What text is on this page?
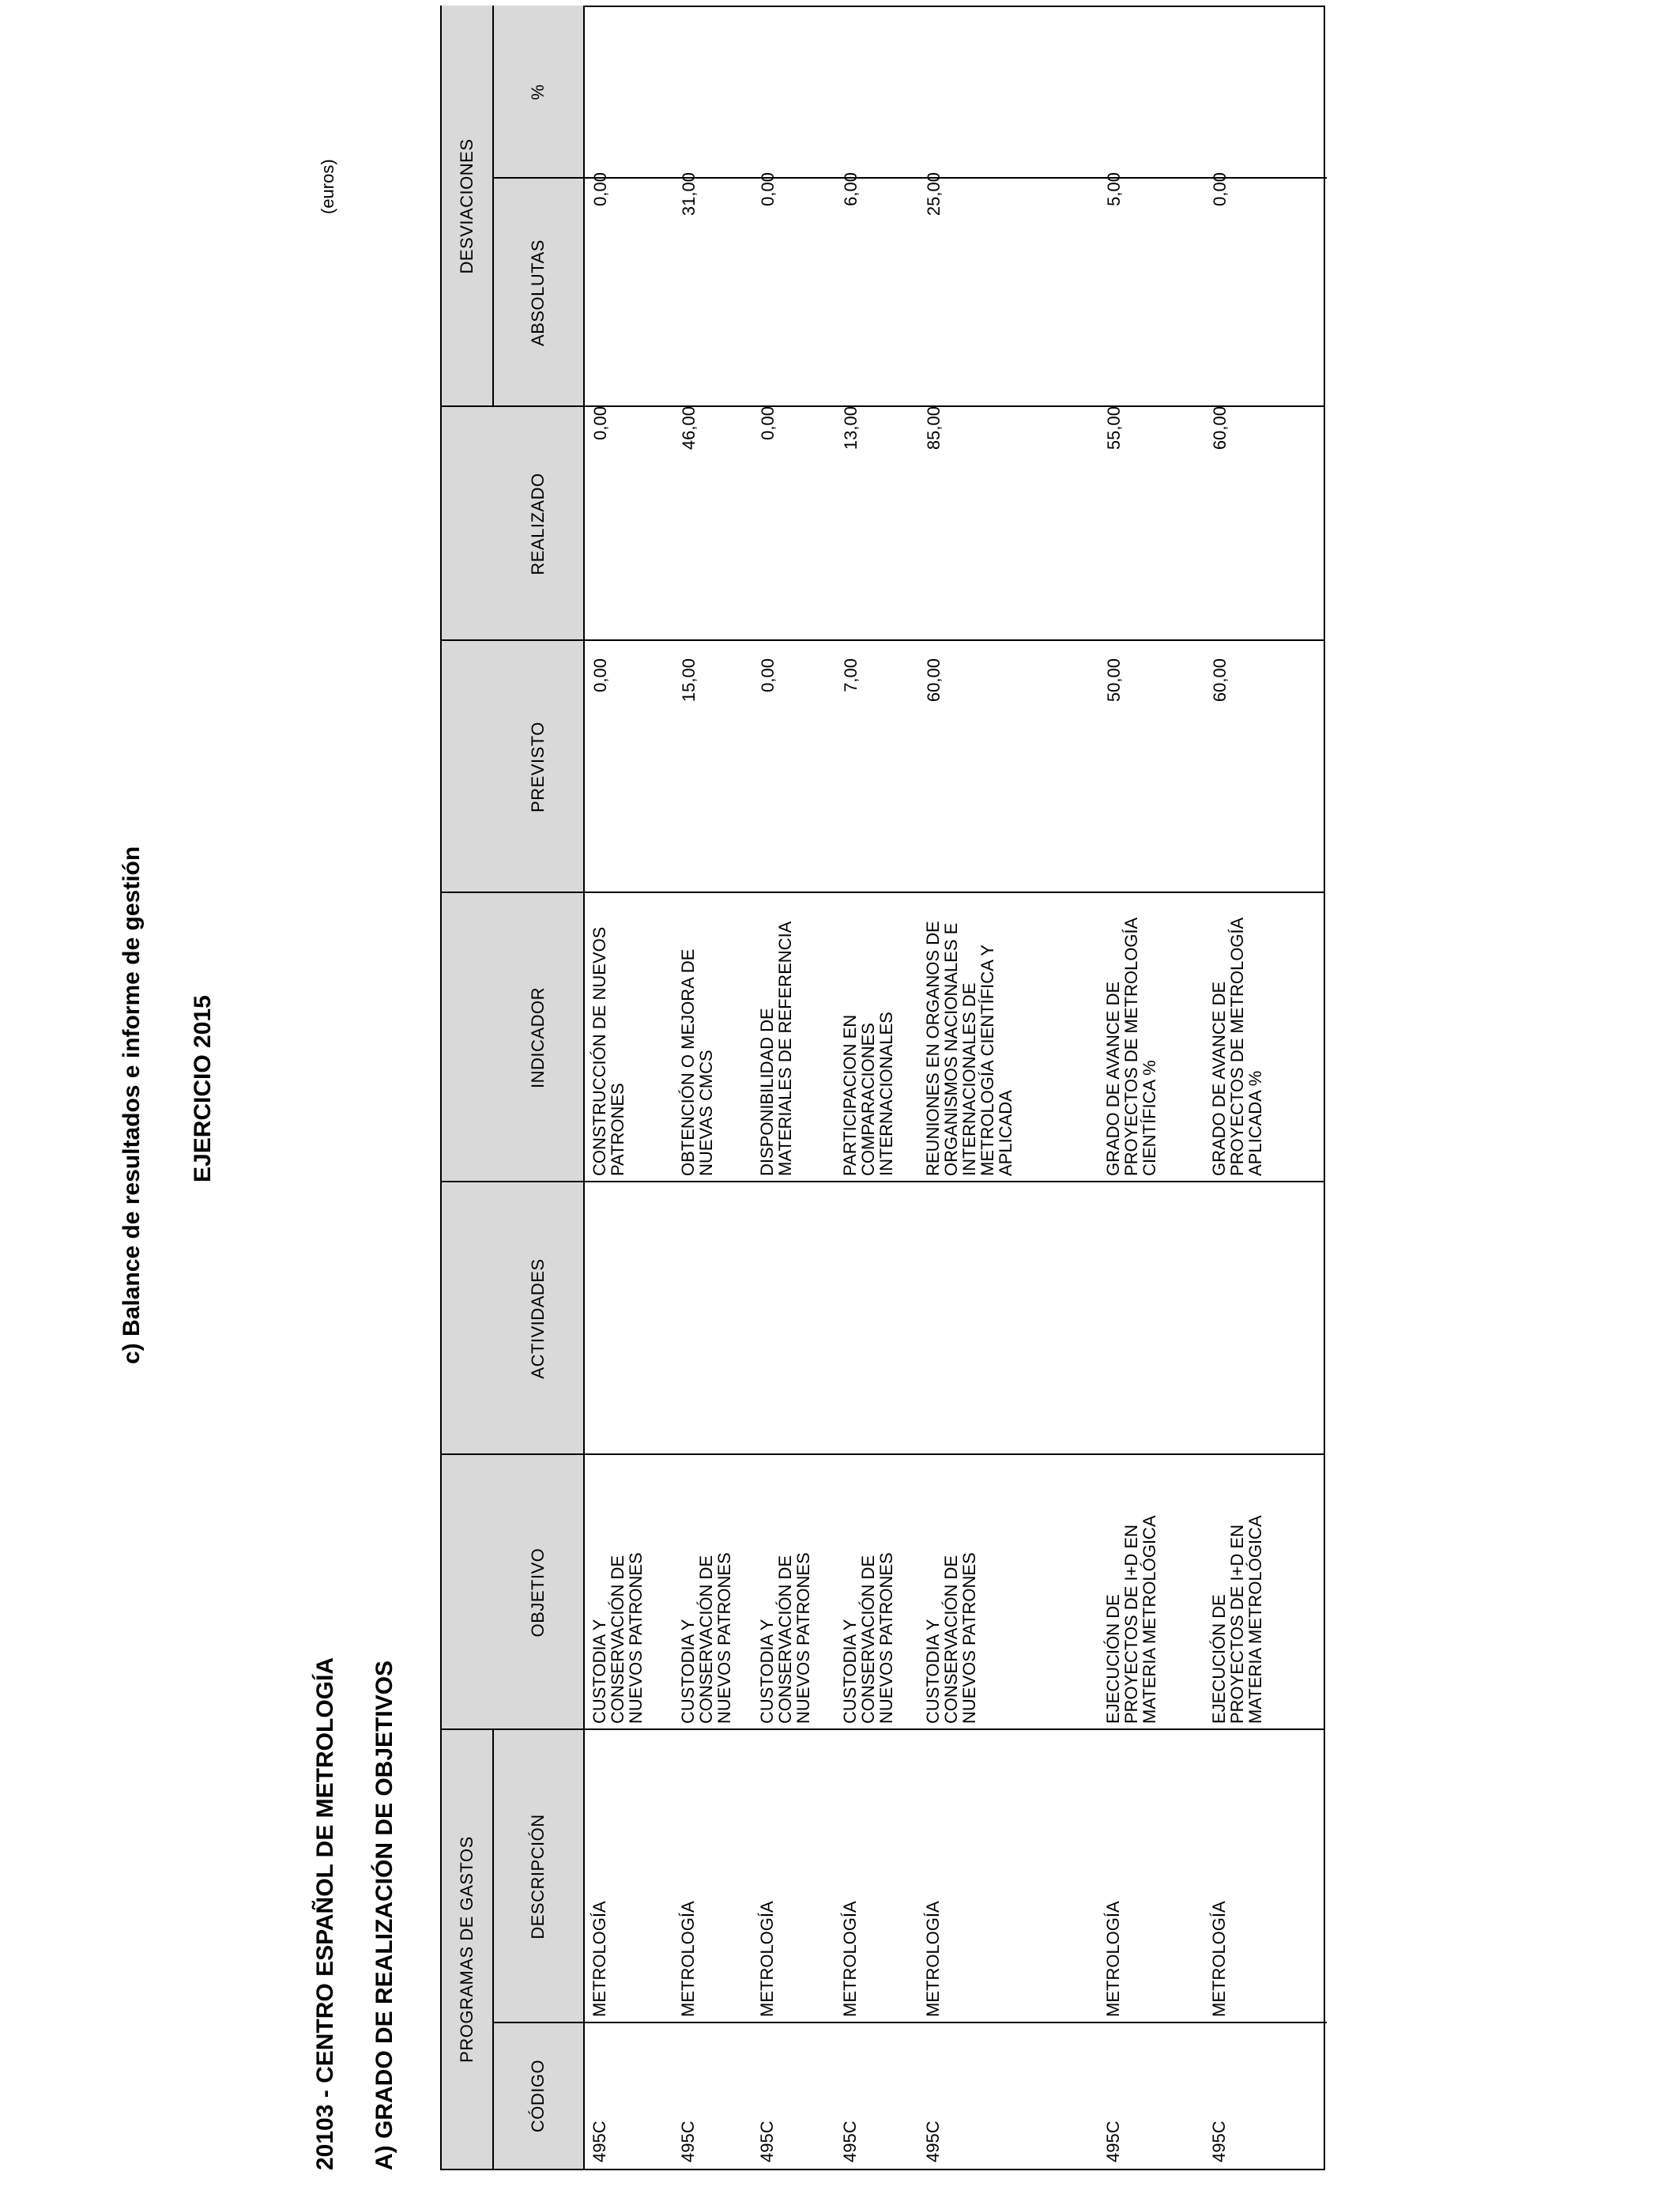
c) Balance de resultados e informe de gestión EJERCICIO 2015
20103 - CENTRO ESPAÑOL DE METROLOGÍA A) GRADO DE REALIZACIÓN DE OBJETIVOS
(euros)
PROGRAMAS DE GASTOS
DESVIACIONES
CÓDIGO
DESCRIPCIÓN
OBJETIVO
ACTIVIDADES
INDICADOR
PREVISTO
REALIZADO
ABSOLUTAS
%
495C
METROLOGÍA
CUSTODIA Y CONSERVACIÓN DE NUEVOS PATRONES
CONSTRUCCIÓN DE NUEVOS PATRONES
0,00
0,00
0,00
495C
METROLOGÍA
CUSTODIA Y CONSERVACIÓN DE NUEVOS PATRONES
OBTENCIÓN O MEJORA DE NUEVAS CMCS
15,00
46,00
31,00
495C
METROLOGÍA
CUSTODIA Y CONSERVACIÓN DE NUEVOS PATRONES
DISPONIBILIDAD DE MATERIALES DE REFERENCIA
0,00
0,00
0,00
495C
METROLOGÍA
CUSTODIA Y CONSERVACIÓN DE NUEVOS PATRONES
PARTICIPACION EN COMPARACIONES INTERNACIONALES
7,00
13,00
6,00
495C
METROLOGÍA
CUSTODIA Y CONSERVACIÓN DE NUEVOS PATRONES
REUNIONES EN ORGANOS DE ORGANISMOS NACIONALES E INTERNACIONALES DE METROLOGÍA CIENTÍFICA Y APLICADA
60,00
85,00
25,00
495C
METROLOGÍA
EJECUCIÓN DE PROYECTOS DE I+D EN MATERIA METROLÓGICA
GRADO DE AVANCE DE PROYECTOS DE METROLOGÍA CIENTÍFICA %
50,00
55,00
5,00
495C
METROLOGÍA
EJECUCIÓN DE PROYECTOS DE I+D EN MATERIA METROLÓGICA
GRADO DE AVANCE DE PROYECTOS DE METROLOGÍA APLICADA %
60,00
60,00
0,00
